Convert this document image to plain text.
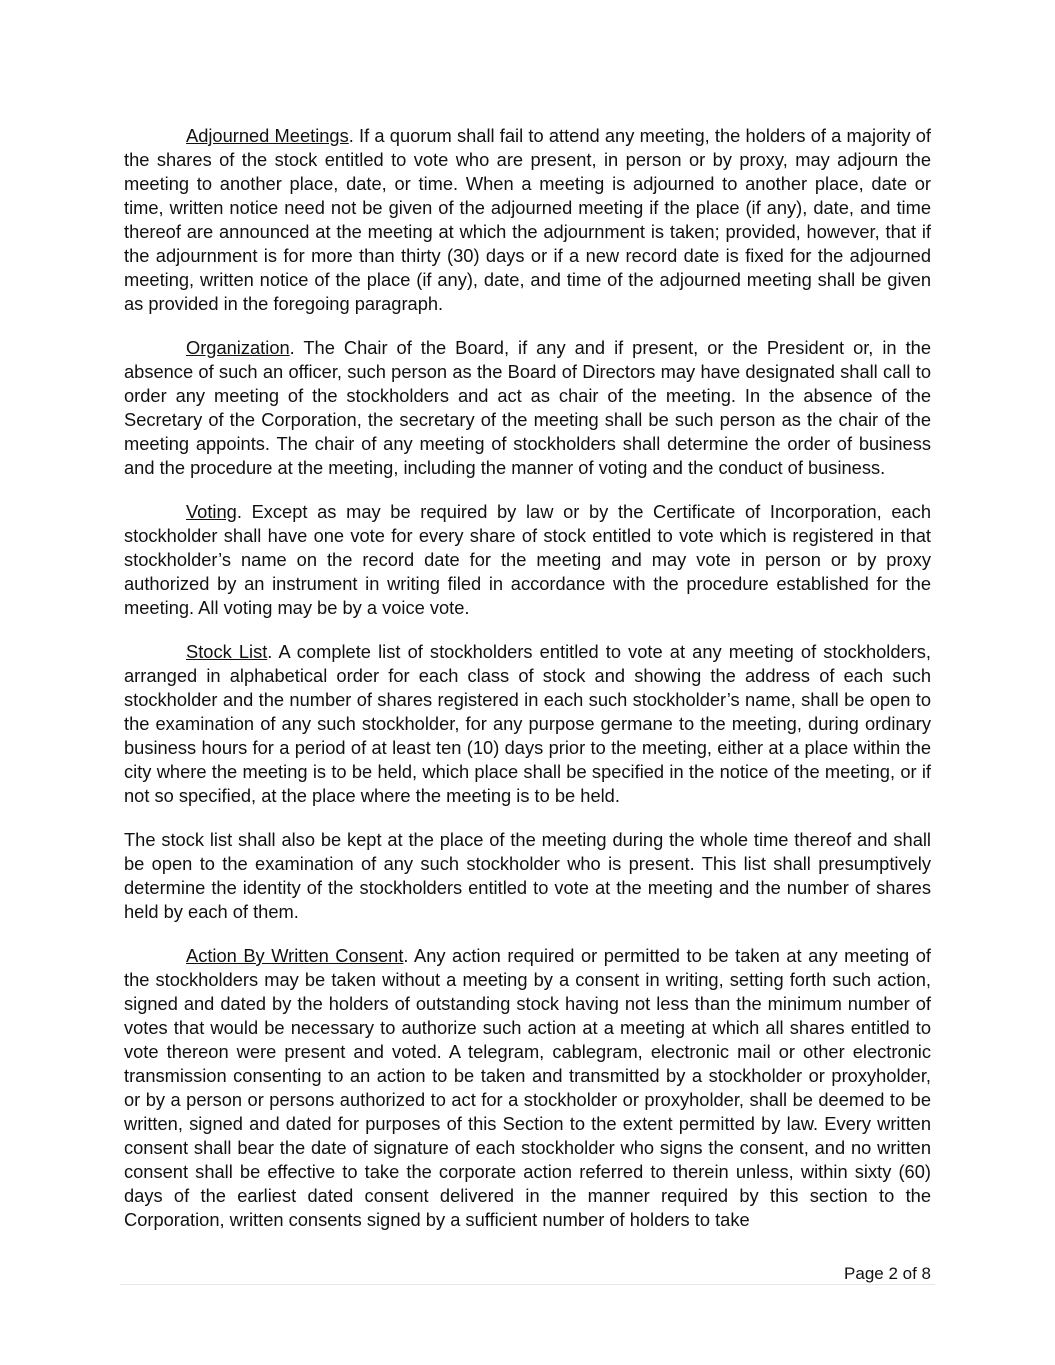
Adjourned Meetings. If a quorum shall fail to attend any meeting, the holders of a majority of the shares of the stock entitled to vote who are present, in person or by proxy, may adjourn the meeting to another place, date, or time. When a meeting is adjourned to another place, date or time, written notice need not be given of the adjourned meeting if the place (if any), date, and time thereof are announced at the meeting at which the adjournment is taken; provided, however, that if the adjournment is for more than thirty (30) days or if a new record date is fixed for the adjourned meeting, written notice of the place (if any), date, and time of the adjourned meeting shall be given as provided in the foregoing paragraph.

Organization. The Chair of the Board, if any and if present, or the President or, in the absence of such an officer, such person as the Board of Directors may have designated shall call to order any meeting of the stockholders and act as chair of the meeting. In the absence of the Secretary of the Corporation, the secretary of the meeting shall be such person as the chair of the meeting appoints. The chair of any meeting of stockholders shall determine the order of business and the procedure at the meeting, including the manner of voting and the conduct of business.

Voting. Except as may be required by law or by the Certificate of Incorporation, each stockholder shall have one vote for every share of stock entitled to vote which is registered in that stockholder’s name on the record date for the meeting and may vote in person or by proxy authorized by an instrument in writing filed in accordance with the procedure established for the meeting. All voting may be by a voice vote.

Stock List. A complete list of stockholders entitled to vote at any meeting of stockholders, arranged in alphabetical order for each class of stock and showing the address of each such stockholder and the number of shares registered in each such stockholder’s name, shall be open to the examination of any such stockholder, for any purpose germane to the meeting, during ordinary business hours for a period of at least ten (10) days prior to the meeting, either at a place within the city where the meeting is to be held, which place shall be specified in the notice of the meeting, or if not so specified, at the place where the meeting is to be held.

The stock list shall also be kept at the place of the meeting during the whole time thereof and shall be open to the examination of any such stockholder who is present. This list shall presumptively determine the identity of the stockholders entitled to vote at the meeting and the number of shares held by each of them.

Action By Written Consent. Any action required or permitted to be taken at any meeting of the stockholders may be taken without a meeting by a consent in writing, setting forth such action, signed and dated by the holders of outstanding stock having not less than the minimum number of votes that would be necessary to authorize such action at a meeting at which all shares entitled to vote thereon were present and voted. A telegram, cablegram, electronic mail or other electronic transmission consenting to an action to be taken and transmitted by a stockholder or proxyholder, or by a person or persons authorized to act for a stockholder or proxyholder, shall be deemed to be written, signed and dated for purposes of this Section to the extent permitted by law. Every written consent shall bear the date of signature of each stockholder who signs the consent, and no written consent shall be effective to take the corporate action referred to therein unless, within sixty (60) days of the earliest dated consent delivered in the manner required by this section to the Corporation, written consents signed by a sufficient number of holders to take

Page 2 of 8
